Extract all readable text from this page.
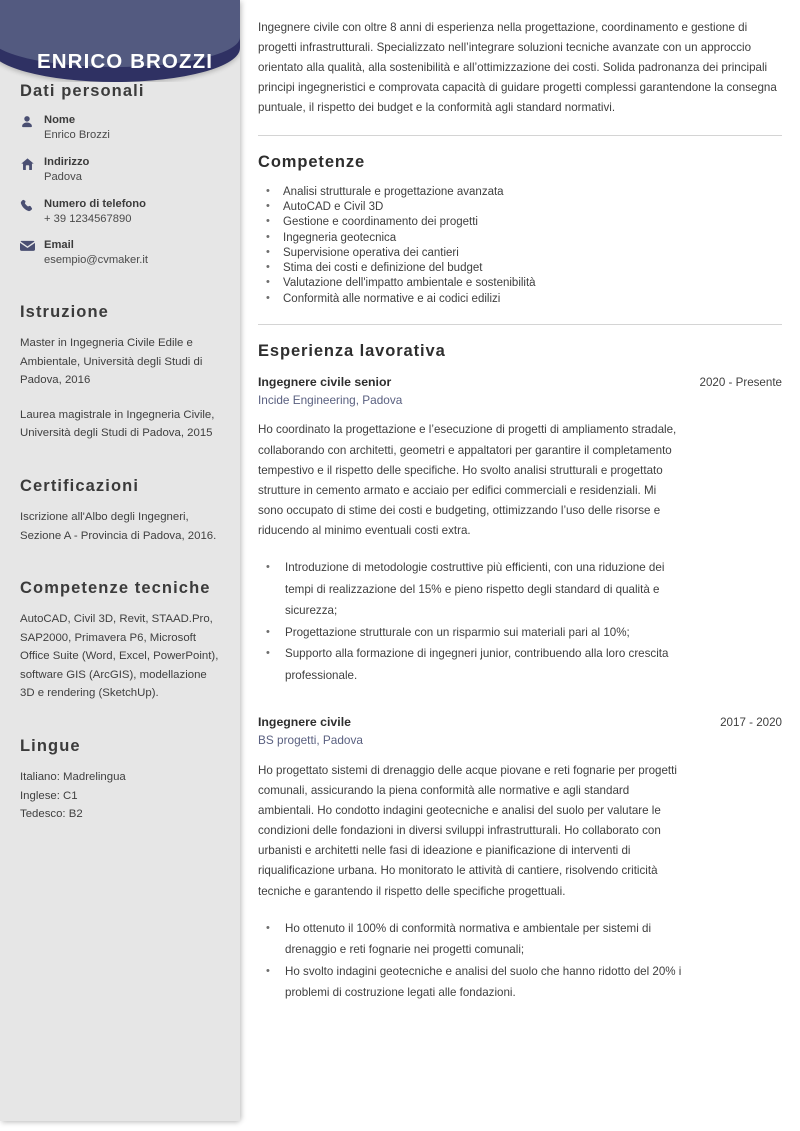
ENRICO BROZZI
Dati personali
Nome
Enrico Brozzi
Indirizzo
Padova
Numero di telefono
+ 39 1234567890
Email
esempio@cvmaker.it
Istruzione

Master in Ingegneria Civile Edile e Ambientale, Università degli Studi di Padova, 2016

Laurea magistrale in Ingegneria Civile, Università degli Studi di Padova, 2015

Certificazioni

Iscrizione all'Albo degli Ingegneri, Sezione A - Provincia di Padova, 2016.

Competenze tecniche

AutoCAD, Civil 3D, Revit, STAAD.Pro, SAP2000, Primavera P6, Microsoft Office Suite (Word, Excel, PowerPoint), software GIS (ArcGIS), modellazione 3D e rendering (SketchUp).

Lingue
Italiano: Madrelingua
Inglese: C1
Tedesco: B2

Ingegnere civile con oltre 8 anni di esperienza nella progettazione, coordinamento e gestione di progetti infrastrutturali. Specializzato nell’integrare soluzioni tecniche avanzate con un approccio orientato alla qualità, alla sostenibilità e all’ottimizzazione dei costi. Solida padronanza dei principali principi ingegneristici e comprovata capacità di guidare progetti complessi garantendone la consegna puntuale, il rispetto dei budget e la conformità agli standard normativi.

Competenze
• Analisi strutturale e progettazione avanzata
• AutoCAD e Civil 3D
• Gestione e coordinamento dei progetti
• Ingegneria geotecnica
• Supervisione operativa dei cantieri
• Stima dei costi e definizione del budget
• Valutazione dell'impatto ambientale e sostenibilità
• Conformità alle normative e ai codici edilizi
Esperienza lavorativa
Ingegnere civile senior	2020 - Presente
Incide Engineering, Padova

Ho coordinato la progettazione e l’esecuzione di progetti di ampliamento stradale, collaborando con architetti, geometri e appaltatori per garantire il completamento tempestivo e il rispetto delle specifiche. Ho svolto analisi strutturali e progettato strutture in cemento armato e acciaio per edifici commerciali e residenziali. Mi sono occupato di stime dei costi e budgeting, ottimizzando l’uso delle risorse e riducendo al minimo eventuali costi extra.

• Introduzione di metodologie costruttive più efficienti, con una riduzione dei tempi di realizzazione del 15% e pieno rispetto degli standard di qualità e sicurezza;
• Progettazione strutturale con un risparmio sui materiali pari al 10%;
• Supporto alla formazione di ingegneri junior, contribuendo alla loro crescita professionale.
Ingegnere civile	2017 - 2020
BS progetti, Padova

Ho progettato sistemi di drenaggio delle acque piovane e reti fognarie per progetti comunali, assicurando la piena conformità alle normative e agli standard ambientali. Ho condotto indagini geotecniche e analisi del suolo per valutare le condizioni delle fondazioni in diversi sviluppi infrastrutturali. Ho collaborato con urbanisti e architetti nelle fasi di ideazione e pianificazione di interventi di riqualificazione urbana. Ho monitorato le attività di cantiere, risolvendo criticità tecniche e garantendo il rispetto delle specifiche progettuali.

• Ho ottenuto il 100% di conformità normativa e ambientale per sistemi di drenaggio e reti fognarie nei progetti comunali;
• Ho svolto indagini geotecniche e analisi del suolo che hanno ridotto del 20% i problemi di costruzione legati alle fondazioni.
